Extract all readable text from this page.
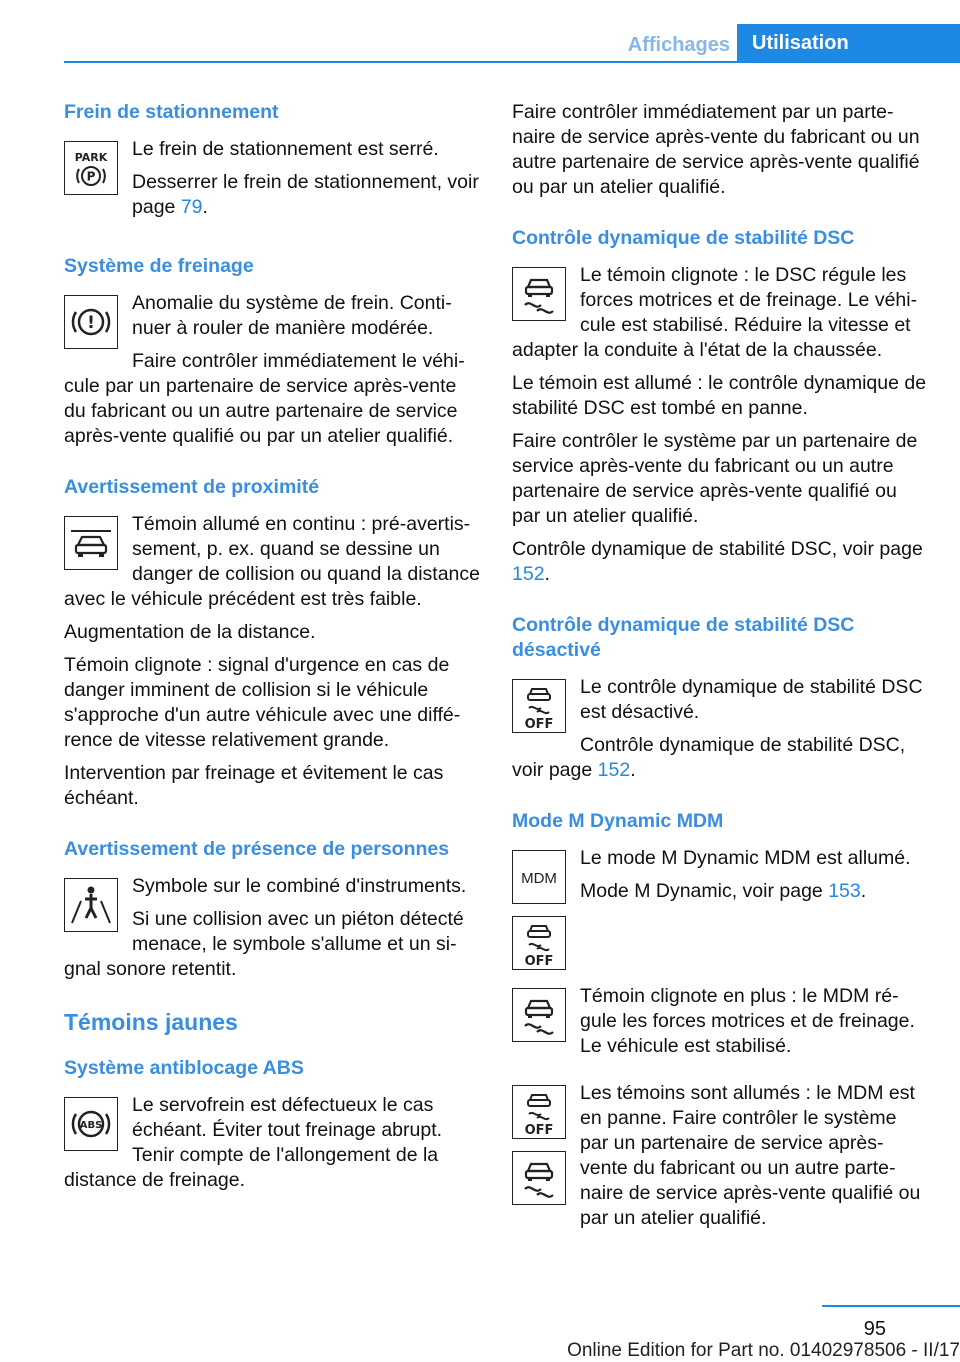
Affichages	Utilisation
Frein de stationnement
PARK
P

Le frein de stationnement est serré.

Desserrer le frein de stationnement, voir page 79.

Système de freinage
!

Anomalie du système de frein. Continuer à rouler de manière modérée.

Faire contrôler immédiatement le véhicule par un partenaire de service après-vente du fabricant ou un autre partenaire de service après-vente qualifié ou par un atelier qualifié.

Avertissement de proximité

Témoin allumé en continu : pré-avertissement, p. ex. quand se dessine un danger de collision ou quand la distance avec le véhicule précédent est très faible.

Augmentation de la distance.

Témoin clignote : signal d'urgence en cas de danger imminent de collision si le véhicule s'approche d'un autre véhicule avec une différence de vitesse relativement grande.

Intervention par freinage et évitement le cas échéant.

Avertissement de présence de personnes

Symbole sur le combiné d'instruments.

Si une collision avec un piéton détecté menace, le symbole s'allume et un signal sonore retentit.

Témoins jaunes
Système antiblocage ABS
ABS

Le servofrein est défectueux le cas échéant. Éviter tout freinage abrupt. Tenir compte de l'allongement de la distance de freinage.

Faire contrôler immédiatement par un partenaire de service après-vente du fabricant ou un autre partenaire de service après-vente qualifié ou par un atelier qualifié.

Contrôle dynamique de stabilité DSC

Le témoin clignote : le DSC régule les forces motrices et de freinage. Le véhicule est stabilisé. Réduire la vitesse et adapter la conduite à l'état de la chaussée.

Le témoin est allumé : le contrôle dynamique de stabilité DSC est tombé en panne.

Faire contrôler le système par un partenaire de service après-vente du fabricant ou un autre partenaire de service après-vente qualifié ou par un atelier qualifié.

Contrôle dynamique de stabilité DSC, voir page 152.

Contrôle dynamique de stabilité DSC désactivé
OFF

Le contrôle dynamique de stabilité DSC est désactivé.

Contrôle dynamique de stabilité DSC, voir page 152.

Mode M Dynamic MDM
MDM
OFF

Le mode M Dynamic MDM est allumé.

Mode M Dynamic, voir page 153.

Témoin clignote en plus : le MDM régule les forces motrices et de freinage. Le véhicule est stabilisé.

OFF

Les témoins sont allumés : le MDM est en panne. Faire contrôler le système par un partenaire de service après-vente du fabricant ou un autre partenaire de service après-vente qualifié ou par un atelier qualifié.

95
Online Edition for Part no. 01402978506 - II/17
